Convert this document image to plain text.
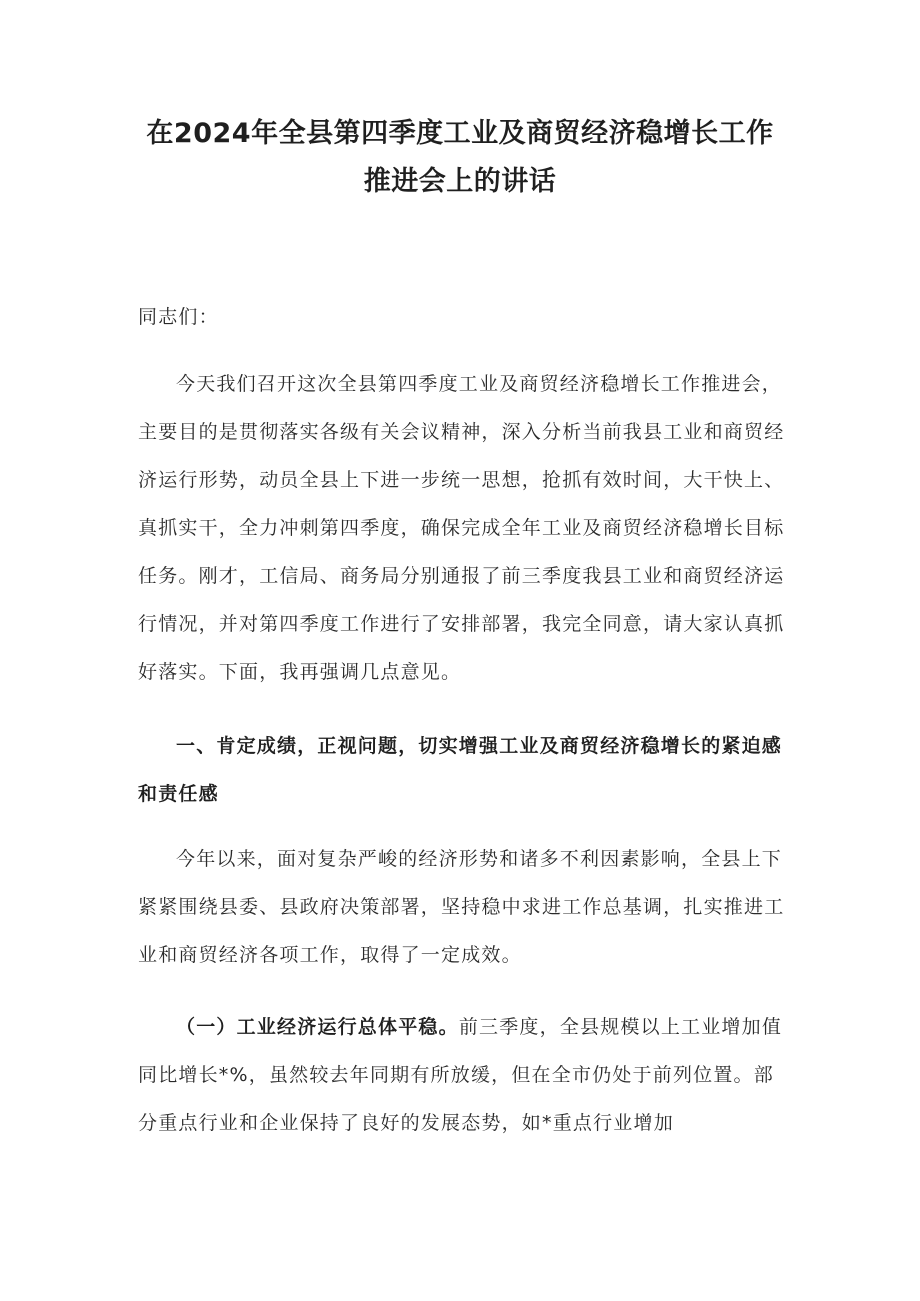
在2024年全县第四季度工业及商贸经济稳增长工作
推进会上的讲话
同志们：
今天我们召开这次全县第四季度工业及商贸经济稳增长工作推进会，主要目的是贯彻落实各级有关会议精神，深入分析当前我县工业和商贸经济运行形势，动员全县上下进一步统一思想，抢抓有效时间，大干快上、真抓实干，全力冲刺第四季度，确保完成全年工业及商贸经济稳增长目标任务。刚才，工信局、商务局分别通报了前三季度我县工业和商贸经济运行情况，并对第四季度工作进行了安排部署，我完全同意，请大家认真抓好落实。下面，我再强调几点意见。
一、肯定成绩，正视问题，切实增强工业及商贸经济稳增长的紧迫感和责任感
今年以来，面对复杂严峻的经济形势和诸多不利因素影响，全县上下紧紧围绕县委、县政府决策部署，坚持稳中求进工作总基调，扎实推进工业和商贸经济各项工作，取得了一定成效。
（一）工业经济运行总体平稳。前三季度，全县规模以上工业增加值同比增长*%，虽然较去年同期有所放缓，但在全市仍处于前列位置。部分重点行业和企业保持了良好的发展态势，如*重点行业增加
